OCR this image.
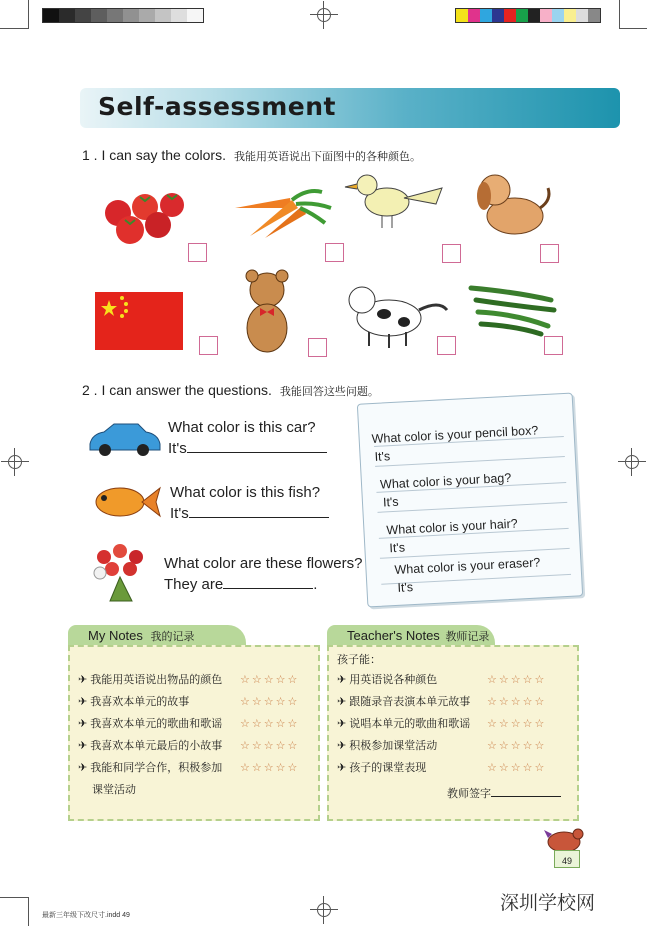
Self-assessment
1 . I can say the colors. 我能用英语说出下面图中的各种颜色。
2 . I can answer the questions. 我能回答这些问题。
What color is this car?
It's
What color is this fish?
It's
What color are these flowers?
They are	.
What color is your pencil box?
It's
What color is your bag?
It's
What color is your hair?
It's
What color is your eraser?
It's
My Notes 我的记录
✈ 我能用英语说出物品的颜色 ☆☆☆☆☆
✈ 我喜欢本单元的故事	☆☆☆☆☆
✈ 我喜欢本单元的歌曲和歌谣 ☆☆☆☆☆
✈ 我喜欢本单元最后的小故事 ☆☆☆☆☆
✈ 我能和同学合作，积极参加 ☆☆☆☆☆
课堂活动
Teacher's Notes 教师记录
孩子能：
✈ 用英语说各种颜色	☆☆☆☆☆
✈ 跟随录音表演本单元故事 ☆☆☆☆☆
✈ 说唱本单元的歌曲和歌谣 ☆☆☆☆☆
✈ 积极参加课堂活动	☆☆☆☆☆
✈ 孩子的课堂表现	☆☆☆☆☆
教师签字
49
最新三年级下改尺寸.indd 49
深圳学校网
